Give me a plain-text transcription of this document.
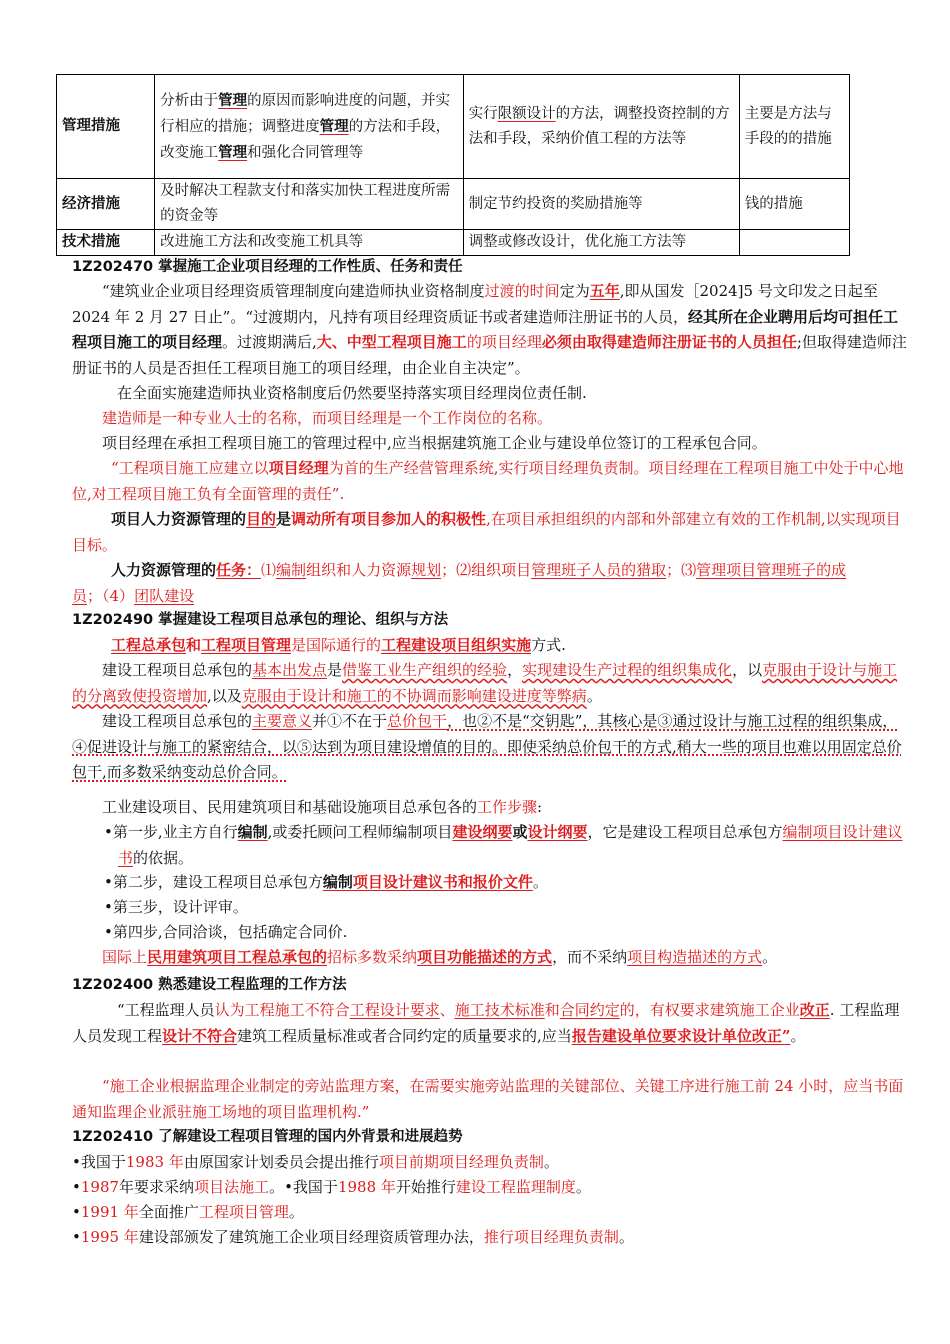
管理措施	分析由于管理的原因而影响进度的问题，并实行相应的措施；调整进度管理的方法和手段，改变施工管理和强化合同管理等	实行限额设计的方法，调整投资控制的方法和手段，采纳价值工程的方法等	主要是方法与手段的的措施
经济措施	及时解决工程款支付和落实加快工程进度所需的资金等	制定节约投资的奖励措施等	钱的措施
技术措施	改进施工方法和改变施工机具等	调整或修改设计，优化施工方法等	
1Z202470 掌握施工企业项目经理的工作性质、任务和责任
“建筑业企业项目经理资质管理制度向建造师执业资格制度过渡的时间定为五年,即从国发［2024]5 号文印发之日起至 2024 年 2 月 27 日止”。“过渡期内，凡持有项目经理资质证书或者建造师注册证书的人员，经其所在企业聘用后均可担任工程项目施工的项目经理。过渡期满后,大、中型工程项目施工的项目经理必须由取得建造师注册证书的人员担任;但取得建造师注册证书的人员是否担任工程项目施工的项目经理，由企业自主决定”。
在全面实施建造师执业资格制度后仍然要坚持落实项目经理岗位责任制.
建造师是一种专业人士的名称，而项目经理是一个工作岗位的名称。
项目经理在承担工程项目施工的管理过程中,应当根据建筑施工企业与建设单位签订的工程承包合同。
“工程项目施工应建立以项目经理为首的生产经营管理系统,实行项目经理负责制。项目经理在工程项目施工中处于中心地位,对工程项目施工负有全面管理的责任”.
项目人力资源管理的目的是调动所有项目参加人的积极性,在项目承担组织的内部和外部建立有效的工作机制,以实现项目目标。
人力资源管理的任务：⑴编制组织和人力资源规划；⑵组织项目管理班子人员的猎取；⑶管理项目管理班子的成员；（4）团队建设
1Z202490 掌握建设工程项目总承包的理论、组织与方法
工程总承包和工程项目管理是国际通行的工程建设项目组织实施方式.
建设工程项目总承包的基本出发点是借鉴工业生产组织的经验，实现建设生产过程的组织集成化，以克服由于设计与施工的分离致使投资增加,以及克服由于设计和施工的不协调而影响建设进度等弊病。
建设工程项目总承包的主要意义并①不在于总价包干，也②不是“交钥匙”，其核心是③通过设计与施工过程的组织集成，④促进设计与施工的紧密结合，以⑤达到为项目建设增值的目的。即使采纳总价包干的方式,稍大一些的项目也难以用固定总价包干,而多数采纳变动总价合同。
工业建设项目、民用建筑项目和基础设施项目总承包各的工作步骤:
•第一步,业主方自行编制,或委托顾问工程师编制项目建设纲要或设计纲要，它是建设工程项目总承包方编制项目设计建议书的依据。
•第二步，建设工程项目总承包方编制项目设计建议书和报价文件。
•第三步，设计评审。
•第四步,合同洽谈，包括确定合同价.
国际上民用建筑项目工程总承包的招标多数采纳项目功能描述的方式，而不采纳项目构造描述的方式。
1Z202400 熟悉建设工程监理的工作方法
“工程监理人员认为工程施工不符合工程设计要求、施工技术标准和合同约定的，有权要求建筑施工企业改正. 工程监理人员发现工程设计不符合建筑工程质量标准或者合同约定的质量要求的,应当报告建设单位要求设计单位改正”。
“施工企业根据监理企业制定的旁站监理方案，在需要实施旁站监理的关键部位、关键工序进行施工前 24 小时，应当书面通知监理企业派驻施工场地的项目监理机构.”
1Z202410 了解建设工程项目管理的国内外背景和进展趋势
•我国于1983 年由原国家计划委员会提出推行项目前期项目经理负责制。
•1987年要求采纳项目法施工。•我国于1988 年开始推行建设工程监理制度。
•1991 年全面推广工程项目管理。
•1995 年建设部颁发了建筑施工企业项目经理资质管理办法，推行项目经理负责制。
